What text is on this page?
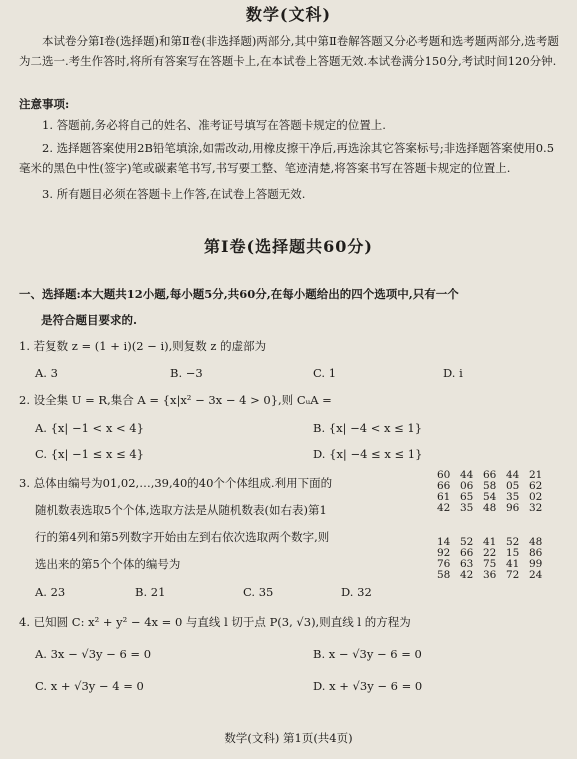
数学(文科)
本试卷分第Ⅰ卷(选择题)和第Ⅱ卷(非选择题)两部分,其中第Ⅱ卷解答题又分必考题和选考题两部分,选考题为二选一.考生作答时,将所有答案写在答题卡上,在本试卷上答题无效.本试卷满分150分,考试时间120分钟.
注意事项:
1. 答题前,务必将自己的姓名、准考证号填写在答题卡规定的位置上.
2. 选择题答案使用2B铅笔填涂,如需改动,用橡皮擦干净后,再选涂其它答案标号;非选择题答案使用0.5毫米的黑色中性(签字)笔或碳素笔书写,书写要工整、笔迹清楚,将答案书写在答题卡规定的位置上.
3. 所有题目必须在答题卡上作答,在试卷上答题无效.
第Ⅰ卷(选择题共60分)
一、选择题:本大题共12小题,每小题5分,共60分,在每小题给出的四个选项中,只有一个
是符合题目要求的.
1. 若复数 z = (1 + i)(2 − i),则复数 z 的虚部为
A. 3	B. −3	C. 1	D. i
2. 设全集 U = R,集合 A = {x|x² − 3x − 4 > 0},则 CᵤA =
A. {x| −1 < x < 4}	B. {x| −4 < x ≤ 1}
C. {x| −1 ≤ x ≤ 4}	D. {x| −4 ≤ x ≤ 1}
3. 总体由编号为01,02,…,39,40的40个个体组成.利用下面的
随机数表选取5个个体,选取方法是从随机数表(如右表)第1
行的第4列和第5列数字开始由左到右依次选取两个数字,则
选出来的第5个个体的编号为
A. 23	B. 21	C. 35	D. 32
60 44 66 44 21
66 06 58 05 62
61 65 54 35 02
42 35 48 96 32
14 52 41 52 48
92 66 22 15 86
76 63 75 41 99
58 42 36 72 24
4. 已知圆 C: x² + y² − 4x = 0 与直线 l 切于点 P(3, √3),则直线 l 的方程为
A. 3x − √3y − 6 = 0	B. x − √3y − 6 = 0
C. x + √3y − 4 = 0	D. x + √3y − 6 = 0
数学(文科) 第1页(共4页)
